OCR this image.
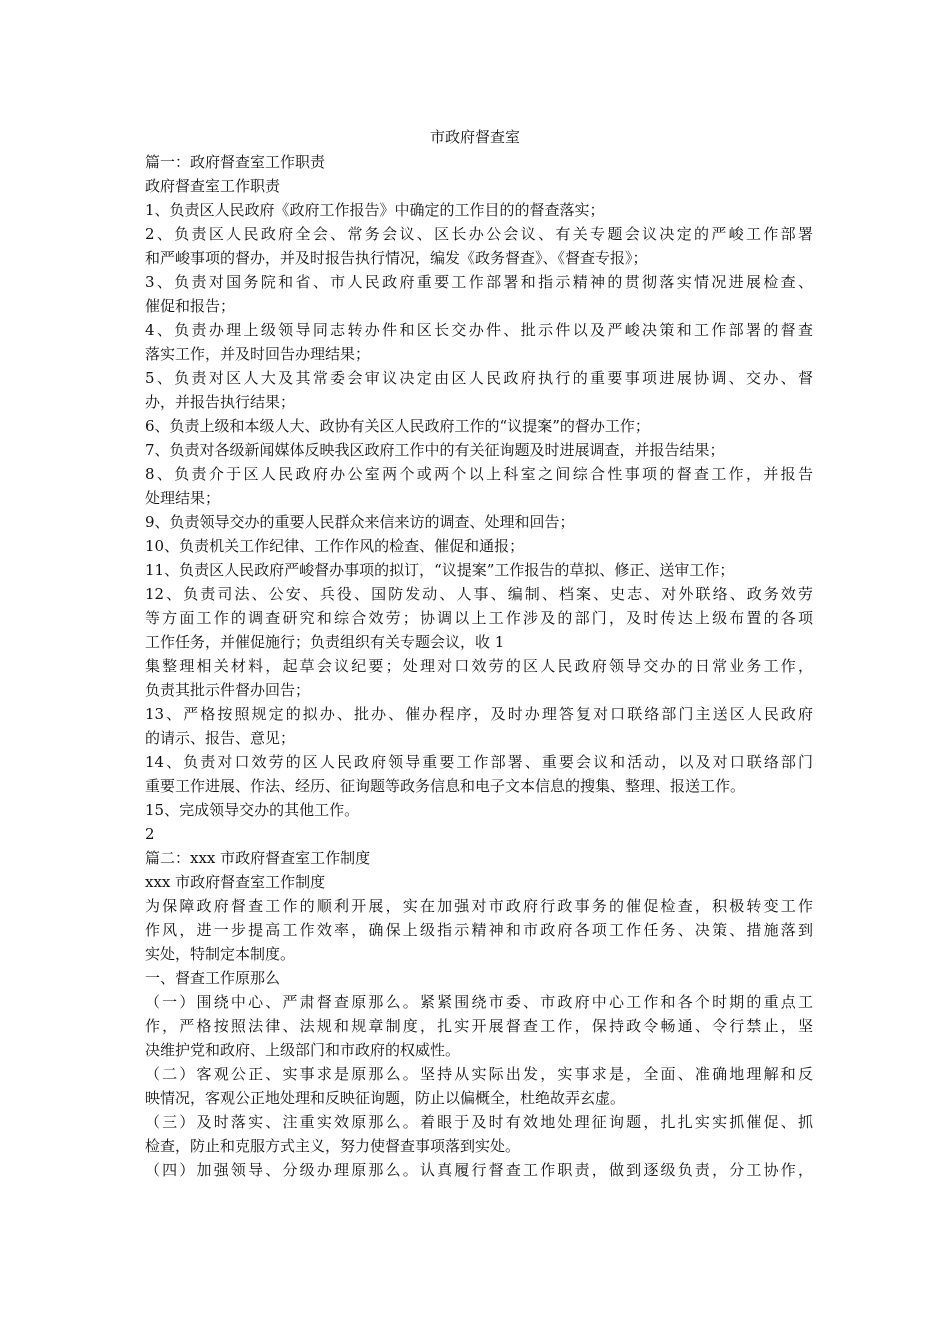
市政府督查室

篇一：政府督查室工作职责

政府督查室工作职责

1、负责区人民政府《政府工作报告》中确定的工作目的的督查落实；

2、负责区人民政府全会、常务会议、区长办公会议、有关专题会议决定的严峻工作部署

和严峻事项的督办，并及时报告执行情况，编发《政务督查》、《督查专报》；

3、负责对国务院和省、市人民政府重要工作部署和指示精神的贯彻落实情况进展检查、

催促和报告；

4、负责办理上级领导同志转办件和区长交办件、批示件以及严峻决策和工作部署的督查

落实工作，并及时回告办理结果；

5、负责对区人大及其常委会审议决定由区人民政府执行的重要事项进展协调、交办、督

办，并报告执行结果；

6、负责上级和本级人大、政协有关区人民政府工作的“议提案”的督办工作；

7、负责对各级新闻媒体反映我区政府工作中的有关征询题及时进展调查，并报告结果；

8、负责介于区人民政府办公室两个或两个以上科室之间综合性事项的督查工作，并报告

处理结果；

9、负责领导交办的重要人民群众来信来访的调查、处理和回告；

10、负责机关工作纪律、工作作风的检查、催促和通报；

11、负责区人民政府严峻督办事项的拟订，“议提案”工作报告的草拟、修正、送审工作；

12、负责司法、公安、兵役、国防发动、人事、编制、档案、史志、对外联络、政务效劳

等方面工作的调查研究和综合效劳；协调以上工作涉及的部门，及时传达上级布置的各项

工作任务，并催促施行；负责组织有关专题会议，收 1

集整理相关材料，起草会议纪要；处理对口效劳的区人民政府领导交办的日常业务工作，

负责其批示件督办回告；

13、严格按照规定的拟办、批办、催办程序，及时办理答复对口联络部门主送区人民政府

的请示、报告、意见；

14、负责对口效劳的区人民政府领导重要工作部署、重要会议和活动，以及对口联络部门

重要工作进展、作法、经历、征询题等政务信息和电子文本信息的搜集、整理、报送工作。

15、完成领导交办的其他工作。

2

篇二：xxx 市政府督查室工作制度

xxx 市政府督查室工作制度

为保障政府督查工作的顺利开展，实在加强对市政府行政事务的催促检查，积极转变工作

作风，进一步提高工作效率，确保上级指示精神和市政府各项工作任务、决策、措施落到

实处，特制定本制度。

一、督查工作原那么

（一）围绕中心、严肃督查原那么。紧紧围绕市委、市政府中心工作和各个时期的重点工

作，严格按照法律、法规和规章制度，扎实开展督查工作，保持政令畅通、令行禁止，坚

决维护党和政府、上级部门和市政府的权威性。

（二）客观公正、实事求是原那么。坚持从实际出发，实事求是，全面、准确地理解和反

映情况，客观公正地处理和反映征询题，防止以偏概全，杜绝故弄玄虚。

（三）及时落实、注重实效原那么。着眼于及时有效地处理征询题，扎扎实实抓催促、抓

检查，防止和克服方式主义，努力使督查事项落到实处。

（四）加强领导、分级办理原那么。认真履行督查工作职责，做到逐级负责，分工协作，
